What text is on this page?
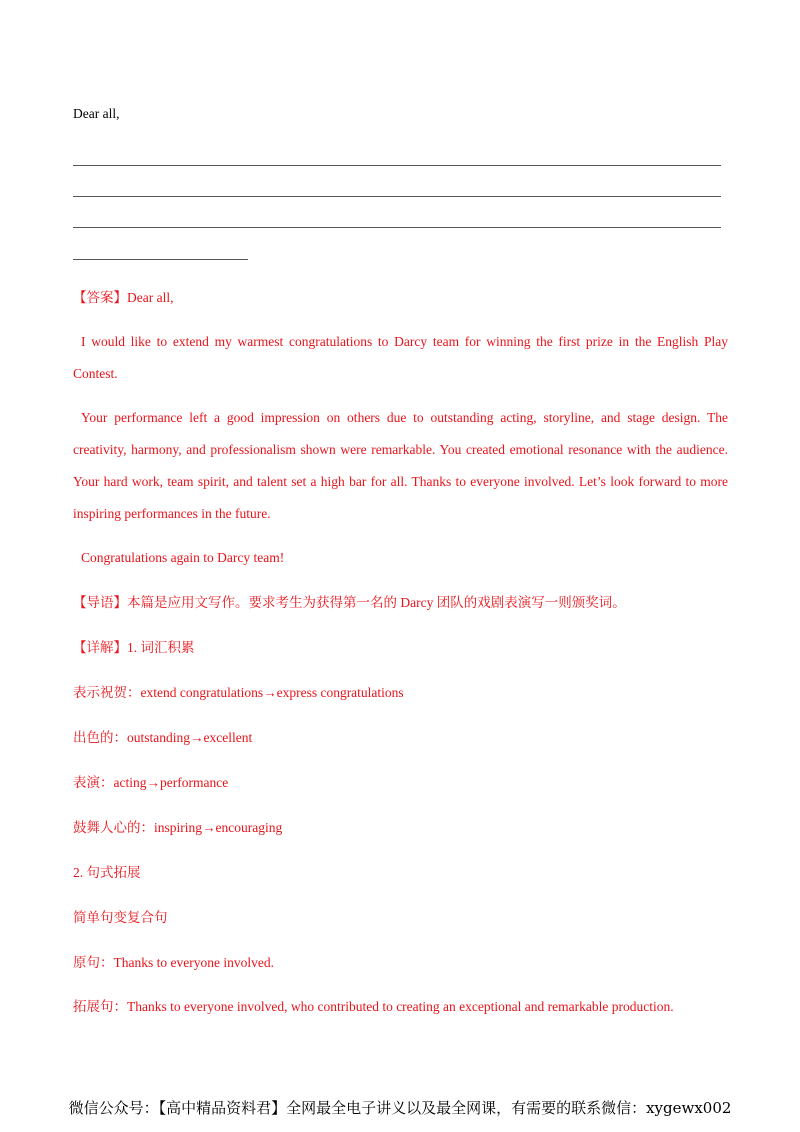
Dear all,
【答案】Dear all,
I would like to extend my warmest congratulations to Darcy team for winning the first prize in the English Play Contest.
Your performance left a good impression on others due to outstanding acting, storyline, and stage design. The creativity, harmony, and professionalism shown were remarkable. You created emotional resonance with the audience. Your hard work, team spirit, and talent set a high bar for all. Thanks to everyone involved. Let’s look forward to more inspiring performances in the future.
Congratulations again to Darcy team!
【导语】本篇是应用文写作。要求考生为获得第一名的 Darcy 团队的戏剧表演写一则颁奖词。
【详解】1. 词汇积累
表示祝贺：extend congratulations→express congratulations
出色的：outstanding→excellent
表演：acting→performance
鼓舞人心的：inspiring→encouraging
2. 句式拓展
简单句变复合句
原句：Thanks to everyone involved.
拓展句：Thanks to everyone involved, who contributed to creating an exceptional and remarkable production.
微信公众号：【高中精品资料君】全网最全电子讲义以及最全网课，有需要的联系微信：xygewx002
